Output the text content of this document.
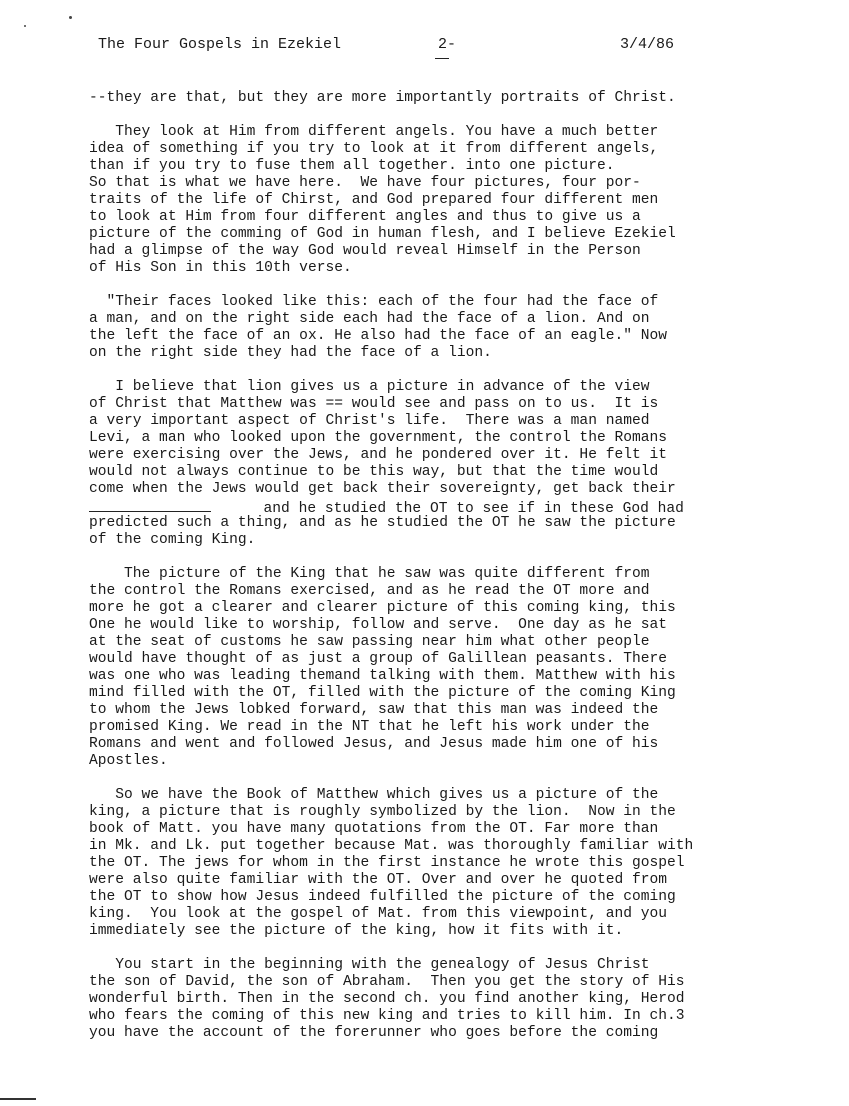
The Four Gospels in Ezekiel	2-	3/4/86
--they are that, but they are more importantly portraits of Christ.
They look at Him from different angels. You have a much better
idea of something if you try to look at it from different angels,
than if you try to fuse them all together. into one picture.
So that is what we have here.  We have four pictures, four por-
traits of the life of Chirst, and God prepared four different men
to look at Him from four different angles and thus to give us a
picture of the comming of God in human flesh, and I believe Ezekiel
had a glimpse of the way God would reveal Himself in the Person
of His Son in this 10th verse.
"Their faces looked like this: each of the four had the face of
a man, and on the right side each had the face of a lion. And on
the left the face of an ox. He also had the face of an eagle." Now
on the right side they had the face of a lion.
I believe that lion gives us a picture in advance of the view
of Christ that Matthew was == would see and pass on to us.  It is
a very important aspect of Christ's life.  There was a man named
Levi, a man who looked upon the government, the control the Romans
were exercising over the Jews, and he pondered over it. He felt it
would not always continue to be this way, but that the time would
come when the Jews would get back their sovereignty, get back their
and he studied the OT to see if in these God had
predicted such a thing, and as he studied the OT he saw the picture
of the coming King.
The picture of the King that he saw was quite different from
the control the Romans exercised, and as he read the OT more and
more he got a clearer and clearer picture of this coming king, this
One he would like to worship, follow and serve.  One day as he sat
at the seat of customs he saw passing near him what other people
would have thought of as just a group of Galillean peasants. There
was one who was leading themand talking with them. Matthew with his
mind filled with the OT, filled with the picture of the coming King
to whom the Jews lobked forward, saw that this man was indeed the
promised King. We read in the NT that he left his work under the
Romans and went and followed Jesus, and Jesus made him one of his
Apostles.
So we have the Book of Matthew which gives us a picture of the
king, a picture that is roughly symbolized by the lion.  Now in the
book of Matt. you have many quotations from the OT. Far more than
in Mk. and Lk. put together because Mat. was thoroughly familiar with
the OT. The jews for whom in the first instance he wrote this gospel
were also quite familiar with the OT. Over and over he quoted from
the OT to show how Jesus indeed fulfilled the picture of the coming
king.  You look at the gospel of Mat. from this viewpoint, and you
immediately see the picture of the king, how it fits with it.
You start in the beginning with the genealogy of Jesus Christ
the son of David, the son of Abraham.  Then you get the story of His
wonderful birth. Then in the second ch. you find another king, Herod
who fears the coming of this new king and tries to kill him. In ch.3
you have the account of the forerunner who goes before the coming
